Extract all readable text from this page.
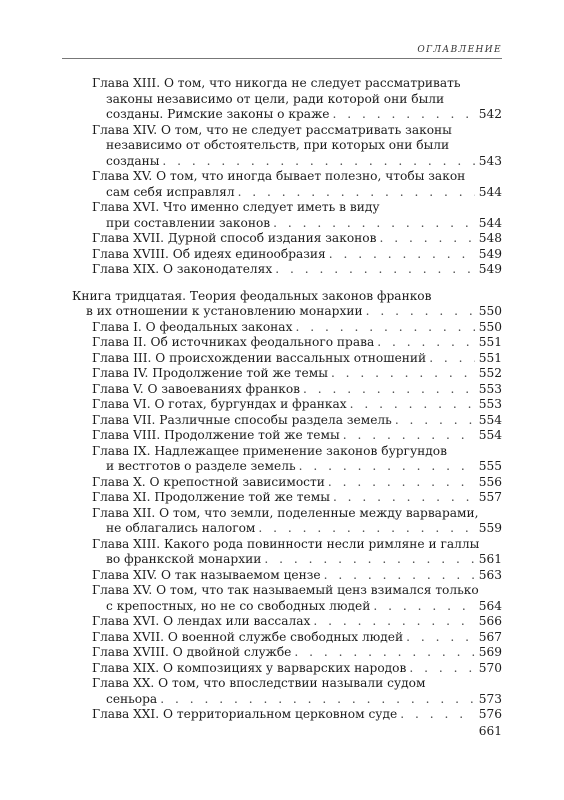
ОГЛАВЛЕНИЕ
Глава XIII. О том, что никогда не следует рассматривать
законы независимо от цели, ради которой они были
созданы. Римские законы о краже . . .	542
Глава XIV. О том, что не следует рассматривать законы
независимо от обстоятельств, при которых они были
созданы . . .	543
Глава XV. О том, что иногда бывает полезно, чтобы закон
сам себя исправлял . . .	544
Глава XVI. Что именно следует иметь в виду
при составлении законов . . .	544
Глава XVII. Дурной способ издания законов . . .	548
Глава XVIII. Об идеях единообразия . . .	549
Глава XIX. О законодателях . . .	549
Книга тридцатая. Теория феодальных законов франков
в их отношении к установлению монархии . . .	550
Глава I. О феодальных законах . . .	550
Глава II. Об источниках феодального права . . .	551
Глава III. О происхождении вассальных отношений . . .	551
Глава IV. Продолжение той же темы . . .	552
Глава V. О завоеваниях франков . . .	553
Глава VI. О готах, бургундах и франках . . .	553
Глава VII. Различные способы раздела земель . . .	554
Глава VIII. Продолжение той же темы . . .	554
Глава IX. Надлежащее применение законов бургундов
и вестготов о разделе земель . . .	555
Глава X. О крепостной зависимости . . .	556
Глава XI. Продолжение той же темы . . .	557
Глава XII. О том, что земли, поделенные между варварами,
не облагались налогом . . .	559
Глава XIII. Какого рода повинности несли римляне и галлы
во франкской монархии . . .	561
Глава XIV. О так называемом цензе . . .	563
Глава XV. О том, что так называемый ценз взимался только
с крепостных, но не со свободных людей . . .	564
Глава XVI. О лендах или вассалах . . .	566
Глава XVII. О военной службе свободных людей . . .	567
Глава XVIII. О двойной службе . . .	569
Глава XIX. О композициях у варварских народов . . .	570
Глава XX. О том, что впоследствии называли судом
сеньора . . .	573
Глава XXI. О территориальном церковном суде . . .	576
661
